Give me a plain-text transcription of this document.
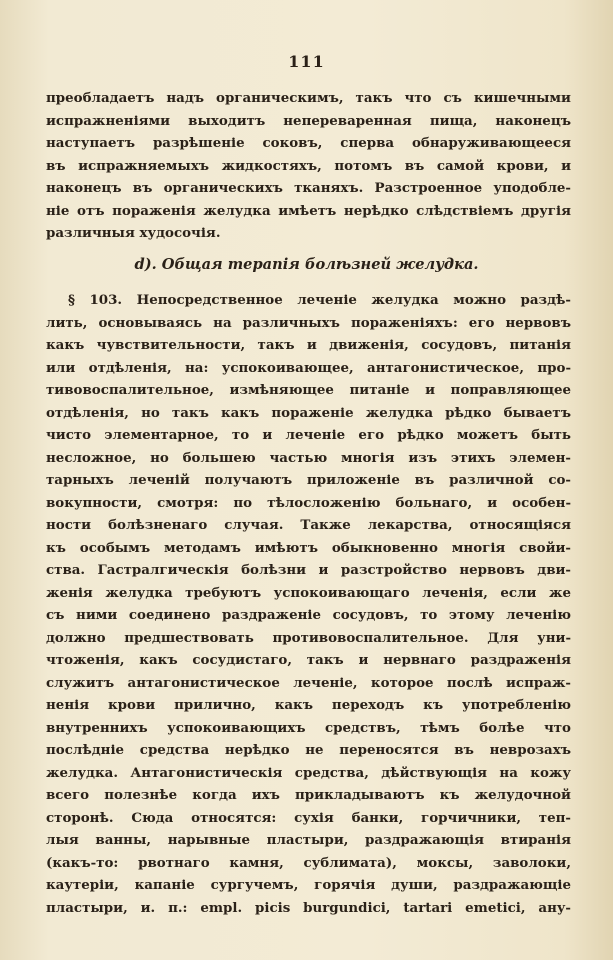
111
преобладаетъ надъ органическимъ, такъ что съ кишечными
испражненіями выходитъ непереваренная пища, наконецъ
наступаетъ разрѣшеніе соковъ, сперва обнаруживающееся
въ испражняемыхъ жидкостяхъ, потомъ въ самой крови, и
наконецъ въ органическихъ тканяхъ. Разстроенное уподобле-
ніе отъ пораженія желудка имѣетъ нерѣдко слѣдствіемъ другія
различныя худосочія.
d). Общая терапія болѣзней желудка.
§ 103. Непосредственное леченіе желудка можно раздѣ-
лить, основываясь на различныхъ пораженіяхъ: его нервовъ
какъ чувствительности, такъ и движенія, сосудовъ, питанія
или отдѣленія, на: успокоивающее, антагонистическое, про-
тивовоспалительное, измѣняющее питаніе и поправляющее
отдѣленія, но такъ какъ пораженіе желудка рѣдко бываетъ
чисто элементарное, то и леченіе его рѣдко можетъ быть
несложное, но большею частью многія изъ этихъ элемен-
тарныхъ леченій получаютъ приложеніе въ различной со-
вокупности, смотря: по тѣлосложенію больнаго, и особен-
ности болѣзненаго случая. Также лекарства, относящіяся
къ особымъ методамъ имѣютъ обыкновенно многія свойи-
ства. Гастралгическія болѣзни и разстройство нервовъ дви-
женія желудка требуютъ успокоивающаго леченія, если же
съ ними соединено раздраженіе сосудовъ, то этому леченію
должно предшествовать противовоспалительное. Для уни-
чтоженія, какъ сосудистаго, такъ и нервнаго раздраженія
служитъ антагонистическое леченіе, которое послѣ испраж-
ненія крови прилично, какъ переходъ къ употребленію
внутреннихъ успокоивающихъ средствъ, тѣмъ болѣе что
послѣдніе средства нерѣдко не переносятся въ неврозахъ
желудка. Антагонистическія средства, дѣйствующія на кожу
всего полезнѣе когда ихъ прикладываютъ къ желудочной
сторонѣ. Сюда относятся: сухія банки, горчичники, теп-
лыя ванны, нарывные пластыри, раздражающія втиранія
(какъ-то: рвотнаго камня, сублимата), моксы, заволоки,
каутеріи, капаніе сургучемъ, горячія души, раздражающіе
пластыри, и. п.: empl. picis burgundici, tartari emetici, ану-
